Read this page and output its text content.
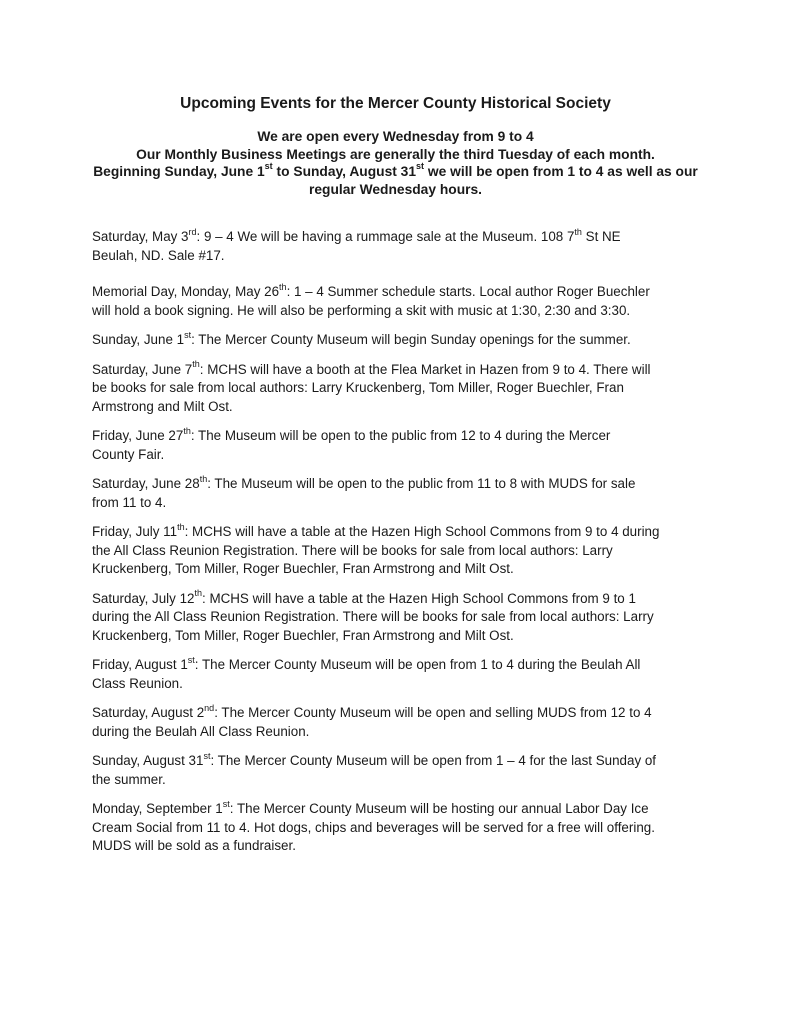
Upcoming Events for the Mercer County Historical Society
We are open every Wednesday from 9 to 4
Our Monthly Business Meetings are generally the third Tuesday of each month.
Beginning Sunday, June 1st to Sunday, August 31st we will be open from 1 to 4 as well as our
regular Wednesday hours.

Saturday, May 3rd: 9 – 4 We will be having a rummage sale at the Museum. 108 7th St NE
Beulah, ND. Sale #17.

Memorial Day, Monday, May 26th: 1 – 4 Summer schedule starts. Local author Roger Buechler
will hold a book signing. He will also be performing a skit with music at 1:30, 2:30 and 3:30.

Sunday, June 1st: The Mercer County Museum will begin Sunday openings for the summer.

Saturday, June 7th: MCHS will have a booth at the Flea Market in Hazen from 9 to 4. There will
be books for sale from local authors: Larry Kruckenberg, Tom Miller, Roger Buechler, Fran
Armstrong and Milt Ost.

Friday, June 27th: The Museum will be open to the public from 12 to 4 during the Mercer
County Fair.

Saturday, June 28th: The Museum will be open to the public from 11 to 8 with MUDS for sale
from 11 to 4.

Friday, July 11th: MCHS will have a table at the Hazen High School Commons from 9 to 4 during
the All Class Reunion Registration. There will be books for sale from local authors: Larry
Kruckenberg, Tom Miller, Roger Buechler, Fran Armstrong and Milt Ost.

Saturday, July 12th: MCHS will have a table at the Hazen High School Commons from 9 to 1
during the All Class Reunion Registration. There will be books for sale from local authors: Larry
Kruckenberg, Tom Miller, Roger Buechler, Fran Armstrong and Milt Ost.

Friday, August 1st: The Mercer County Museum will be open from 1 to 4 during the Beulah All
Class Reunion.

Saturday, August 2nd: The Mercer County Museum will be open and selling MUDS from 12 to 4
during the Beulah All Class Reunion.

Sunday, August 31st: The Mercer County Museum will be open from 1 – 4 for the last Sunday of
the summer.

Monday, September 1st: The Mercer County Museum will be hosting our annual Labor Day Ice
Cream Social from 11 to 4. Hot dogs, chips and beverages will be served for a free will offering.
MUDS will be sold as a fundraiser.
